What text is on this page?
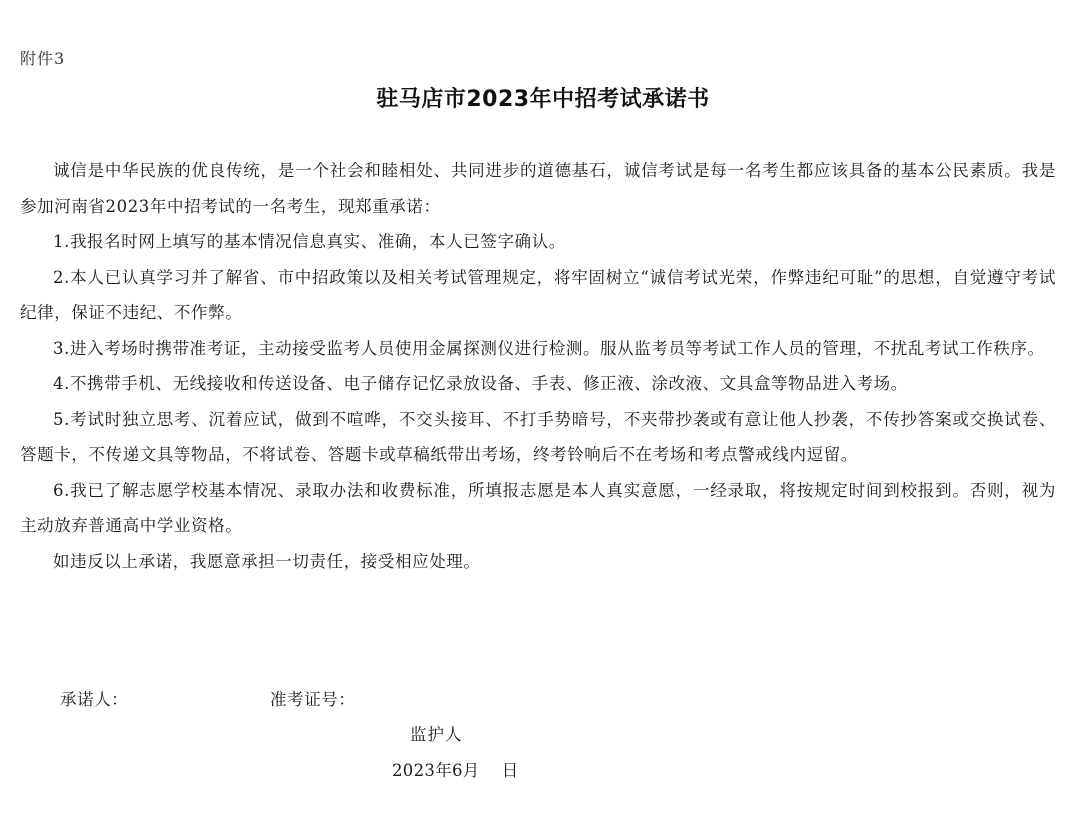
附件3
驻马店市2023年中招考试承诺书

诚信是中华民族的优良传统，是一个社会和睦相处、共同进步的道德基石，诚信考试是每一名考生都应该具备的基本公民素质。我是参加河南省2023年中招考试的一名考生，现郑重承诺：

1.我报名时网上填写的基本情况信息真实、准确，本人已签字确认。

2.本人已认真学习并了解省、市中招政策以及相关考试管理规定，将牢固树立“诚信考试光荣，作弊违纪可耻”的思想，自觉遵守考试纪律，保证不违纪、不作弊。

3.进入考场时携带准考证，主动接受监考人员使用金属探测仪进行检测。服从监考员等考试工作人员的管理，不扰乱考试工作秩序。

4.不携带手机、无线接收和传送设备、电子储存记忆录放设备、手表、修正液、涂改液、文具盒等物品进入考场。

5.考试时独立思考、沉着应试，做到不喧哗，不交头接耳、不打手势暗号，不夹带抄袭或有意让他人抄袭，不传抄答案或交换试卷、答题卡，不传递文具等物品，不将试卷、答题卡或草稿纸带出考场，终考铃响后不在考场和考点警戒线内逗留。

6.我已了解志愿学校基本情况、录取办法和收费标准，所填报志愿是本人真实意愿，一经录取，将按规定时间到校报到。否则，视为主动放弃普通高中学业资格。

如违反以上承诺，我愿意承担一切责任，接受相应处理。

承诺人：	准考证号：
监护人
2023年6月    日
